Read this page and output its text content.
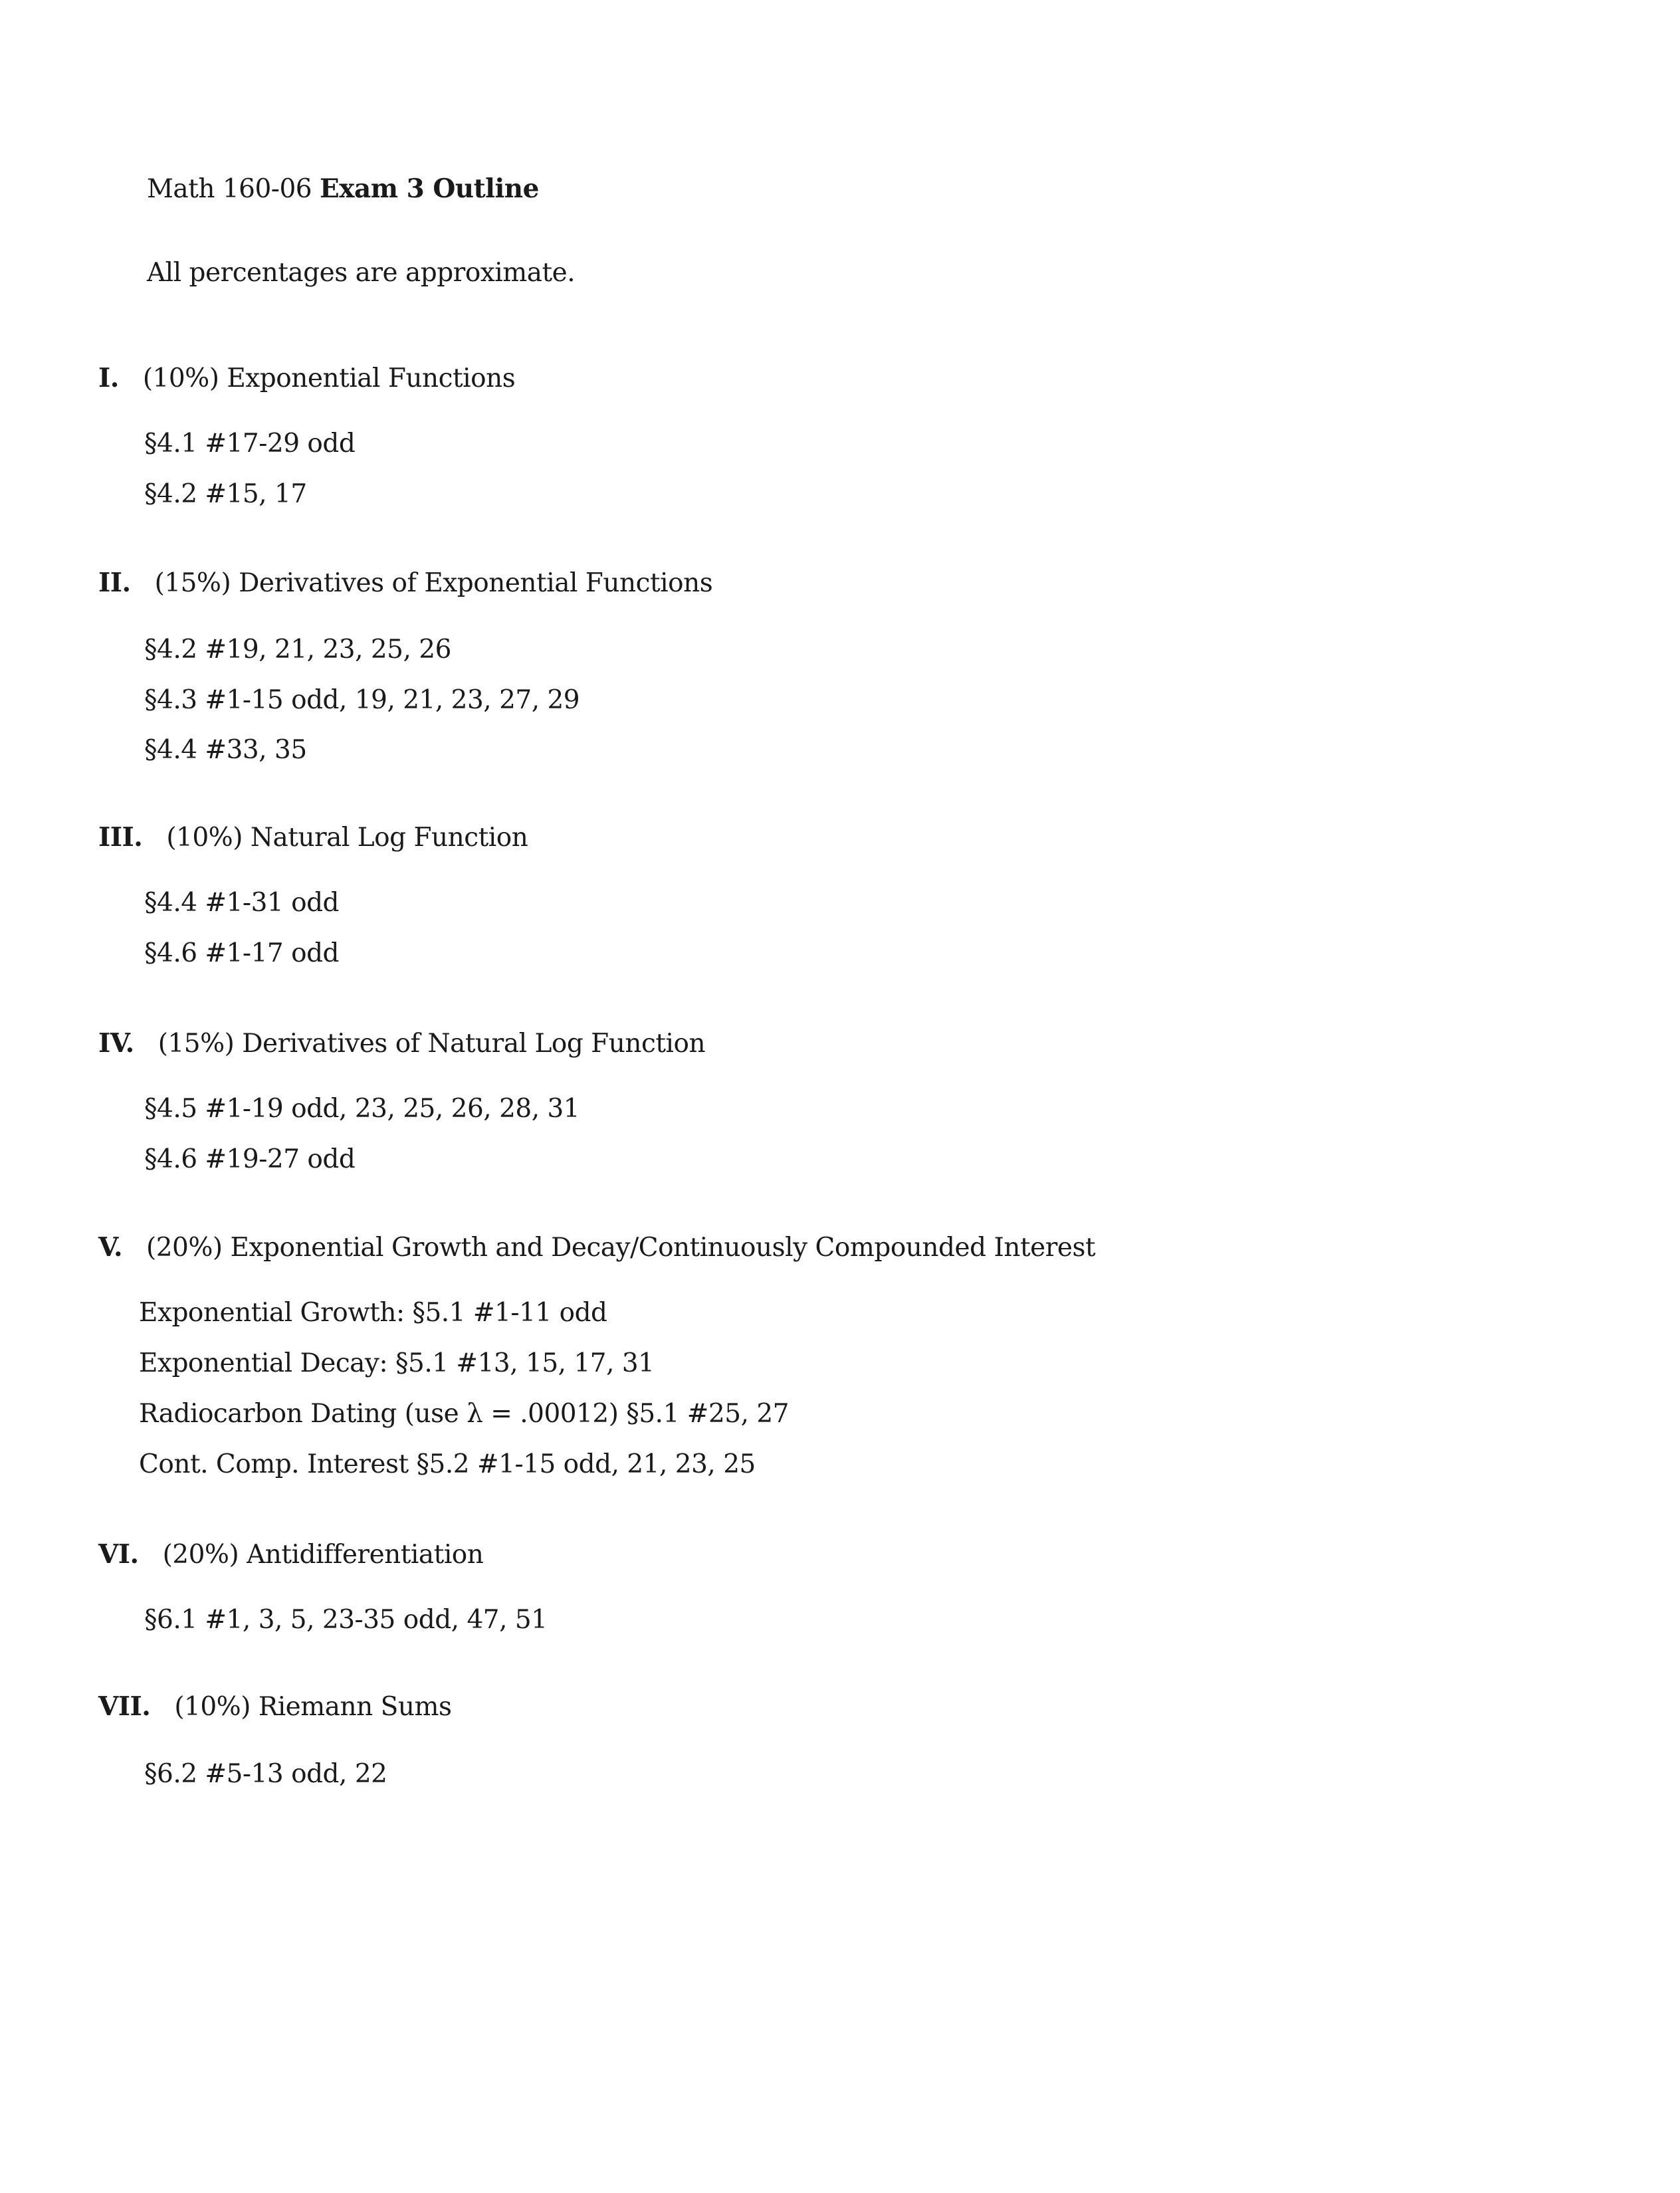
Math 160-06 Exam 3 Outline
All percentages are approximate.
I. (10%) Exponential Functions
§4.1 #17-29 odd
§4.2 #15, 17
II. (15%) Derivatives of Exponential Functions
§4.2 #19, 21, 23, 25, 26
§4.3 #1-15 odd, 19, 21, 23, 27, 29
§4.4 #33, 35
III. (10%) Natural Log Function
§4.4 #1-31 odd
§4.6 #1-17 odd
IV. (15%) Derivatives of Natural Log Function
§4.5 #1-19 odd, 23, 25, 26, 28, 31
§4.6 #19-27 odd
V. (20%) Exponential Growth and Decay/Continuously Compounded Interest
Exponential Growth: §5.1 #1-11 odd
Exponential Decay: §5.1 #13, 15, 17, 31
Radiocarbon Dating (use λ = .00012) §5.1 #25, 27
Cont. Comp. Interest §5.2 #1-15 odd, 21, 23, 25
VI. (20%) Antidifferentiation
§6.1 #1, 3, 5, 23-35 odd, 47, 51
VII. (10%) Riemann Sums
§6.2 #5-13 odd, 22
